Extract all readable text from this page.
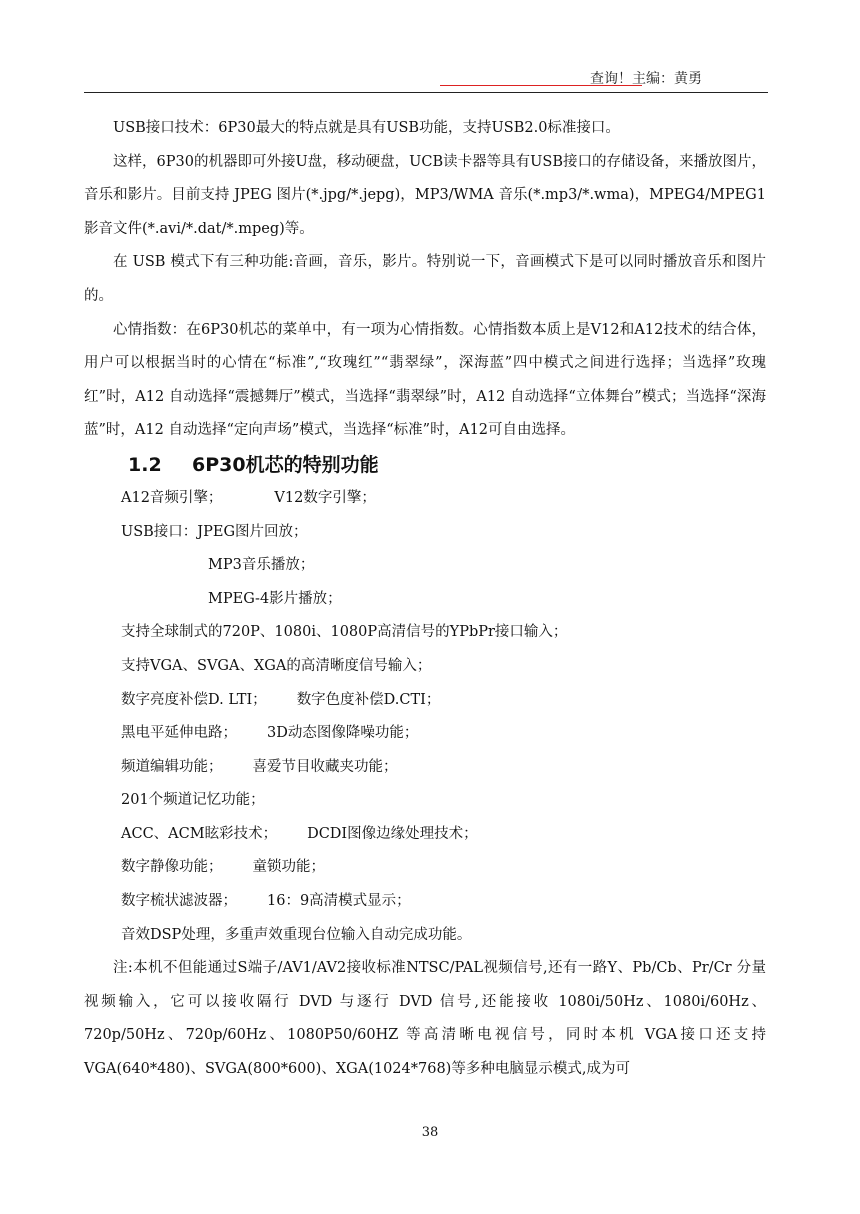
查询！主编：黄勇

USB接口技术：6P30最大的特点就是具有USB功能，支持USB2.0标准接口。

这样，6P30的机器即可外接U盘，移动硬盘，UCB读卡器等具有USB接口的存储设备，来播放图片，音乐和影片。目前支持 JPEG 图片(*.jpg/*.jepg)，MP3/WMA 音乐(*.mp3/*.wma)，MPEG4/MPEG1影音文件(*.avi/*.dat/*.mpeg)等。

在 USB 模式下有三种功能:音画，音乐，影片。特别说一下，音画模式下是可以同时播放音乐和图片的。

心情指数：在6P30机芯的菜单中，有一项为心情指数。心情指数本质上是V12和A12技术的结合体，用户可以根据当时的心情在“标准”,“玫瑰红”“翡翠绿”，深海蓝”四中模式之间进行选择；当选择”玫瑰红”时，A12 自动选择“震撼舞厅”模式，当选择“翡翠绿”时，A12 自动选择“立体舞台”模式；当选择“深海蓝”时，A12 自动选择“定向声场”模式，当选择“标准”时，A12可自由选择。

1.2 6P30机芯的特别功能

A12音频引擎；	V12数字引擎；

USB接口：JPEG图片回放；

MP3音乐播放；

MPEG-4影片播放；

支持全球制式的720P、1080i、1080P高清信号的YPbPr接口输入；

支持VGA、SVGA、XGA的高清晰度信号输入；

数字亮度补偿D. LTI； 数字色度补偿D.CTI；

黑电平延伸电路； 3D动态图像降噪功能；

频道编辑功能； 喜爱节目收藏夹功能；

201个频道记忆功能；

ACC、ACM眩彩技术； DCDI图像边缘处理技术；

数字静像功能； 童锁功能；

数字梳状滤波器； 16：9高清模式显示；

音效DSP处理，多重声效重现台位输入自动完成功能。

注:本机不但能通过S端子/AV1/AV2接收标准NTSC/PAL视频信号,还有一路Y、Pb/Cb、Pr/Cr 分量视频输入，它可以接收隔行 DVD 与逐行 DVD 信号,还能接收 1080i/50Hz、1080i/60Hz、720p/50Hz、720p/60Hz、1080P50/60HZ 等高清晰电视信号，同时本机 VGA接口还支持VGA(640*480)、SVGA(800*600)、XGA(1024*768)等多种电脑显示模式,成为可

38
